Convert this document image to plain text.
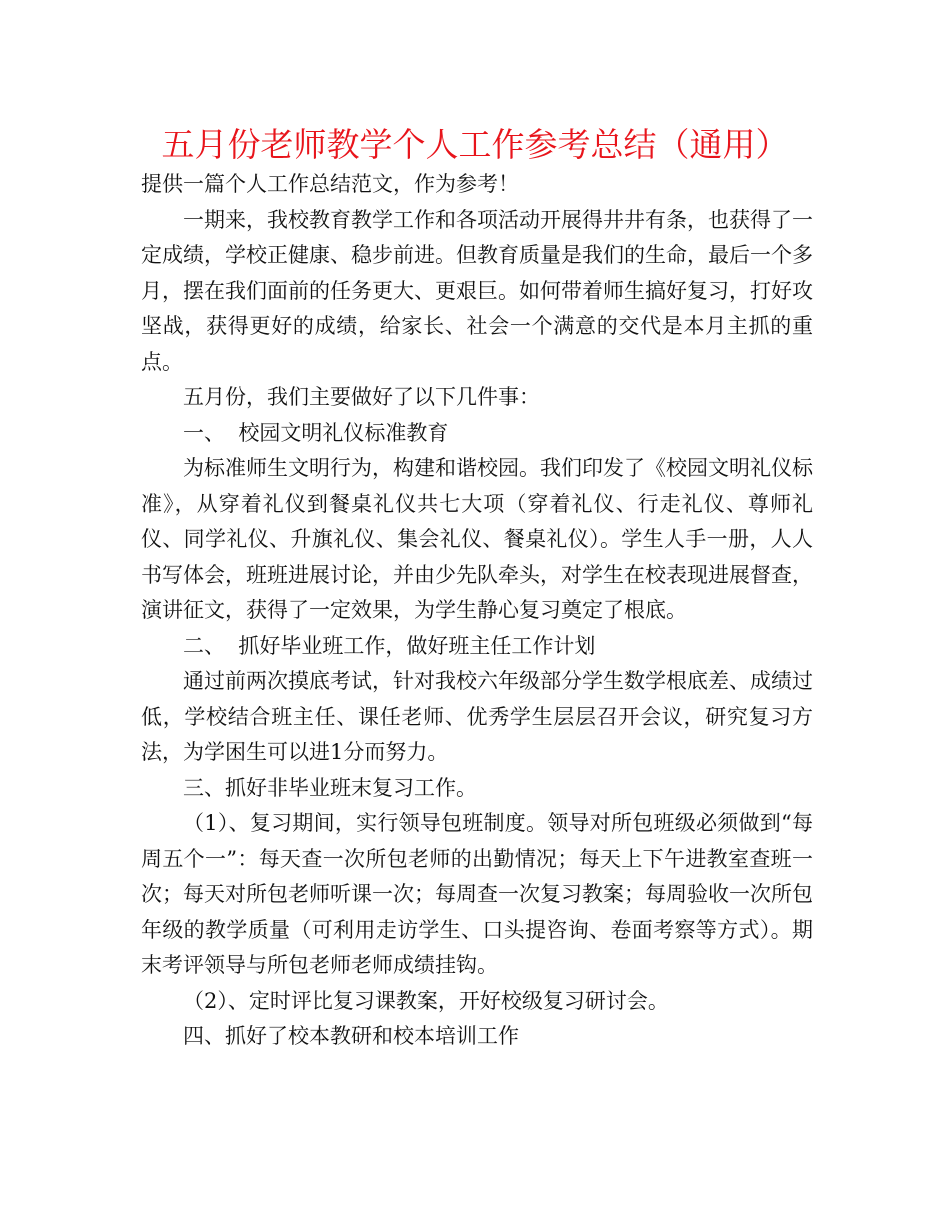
五月份老师教学个人工作参考总结（通用）

提供一篇个人工作总结范文，作为参考！

一期来，我校教育教学工作和各项活动开展得井井有条，也获得了一定成绩，学校正健康、稳步前进。但教育质量是我们的生命，最后一个多月，摆在我们面前的任务更大、更艰巨。如何带着师生搞好复习，打好攻坚战，获得更好的成绩，给家长、社会一个满意的交代是本月主抓的重点。

五月份，我们主要做好了以下几件事：

一、  校园文明礼仪标准教育

为标准师生文明行为，构建和谐校园。我们印发了《校园文明礼仪标准》，从穿着礼仪到餐桌礼仪共七大项（穿着礼仪、行走礼仪、尊师礼仪、同学礼仪、升旗礼仪、集会礼仪、餐桌礼仪）。学生人手一册，人人书写体会，班班进展讨论，并由少先队牵头，对学生在校表现进展督查，演讲征文，获得了一定效果，为学生静心复习奠定了根底。

二、  抓好毕业班工作，做好班主任工作计划

通过前两次摸底考试，针对我校六年级部分学生数学根底差、成绩过低，学校结合班主任、课任老师、优秀学生层层召开会议，研究复习方法，为学困生可以进1分而努力。

三、抓好非毕业班末复习工作。

（1）、复习期间，实行领导包班制度。领导对所包班级必须做到“每周五个一”：每天查一次所包老师的出勤情况；每天上下午进教室查班一次；每天对所包老师听课一次；每周查一次复习教案；每周验收一次所包年级的教学质量（可利用走访学生、口头提咨询、卷面考察等方式）。期末考评领导与所包老师老师成绩挂钩。

（2）、定时评比复习课教案，开好校级复习研讨会。

四、抓好了校本教研和校本培训工作
